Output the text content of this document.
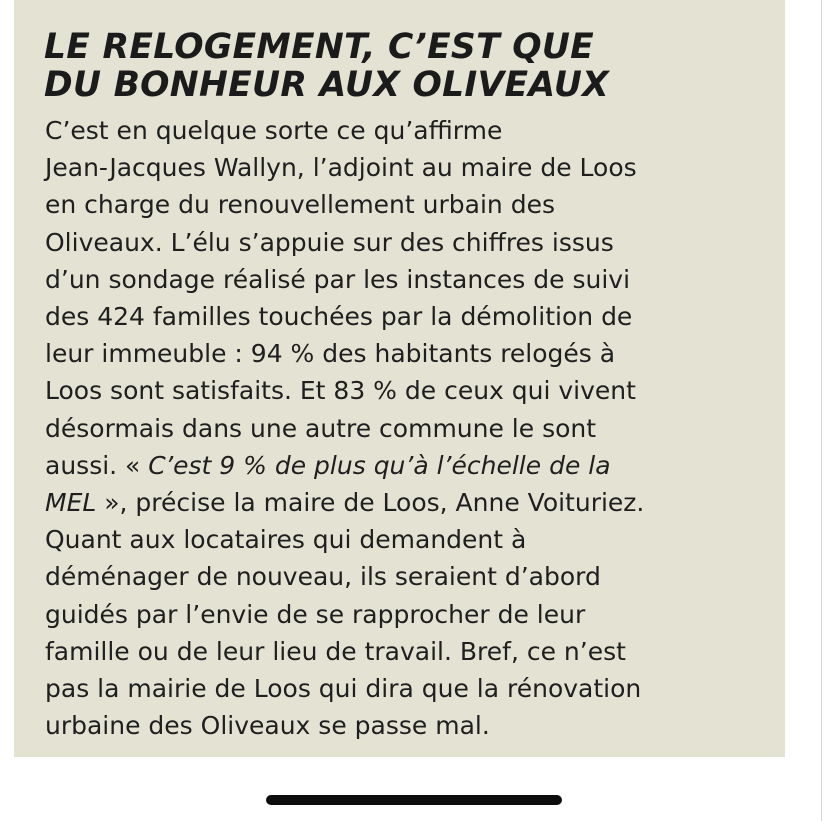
LE RELOGEMENT, C’EST QUE
DU BONHEUR AUX OLIVEAUX
C’est en quelque sorte ce qu’affirme
Jean-Jacques Wallyn, l’adjoint au maire de Loos
en charge du renouvellement urbain des
Oliveaux. L’élu s’appuie sur des chiffres issus
d’un sondage réalisé par les instances de suivi
des 424 familles touchées par la démolition de
leur immeuble : 94 % des habitants relogés à
Loos sont satisfaits. Et 83 % de ceux qui vivent
désormais dans une autre commune le sont
aussi. « C’est 9 % de plus qu’à l’échelle de la
MEL », précise la maire de Loos, Anne Voituriez.
Quant aux locataires qui demandent à
déménager de nouveau, ils seraient d’abord
guidés par l’envie de se rapprocher de leur
famille ou de leur lieu de travail. Bref, ce n’est
pas la mairie de Loos qui dira que la rénovation
urbaine des Oliveaux se passe mal.
